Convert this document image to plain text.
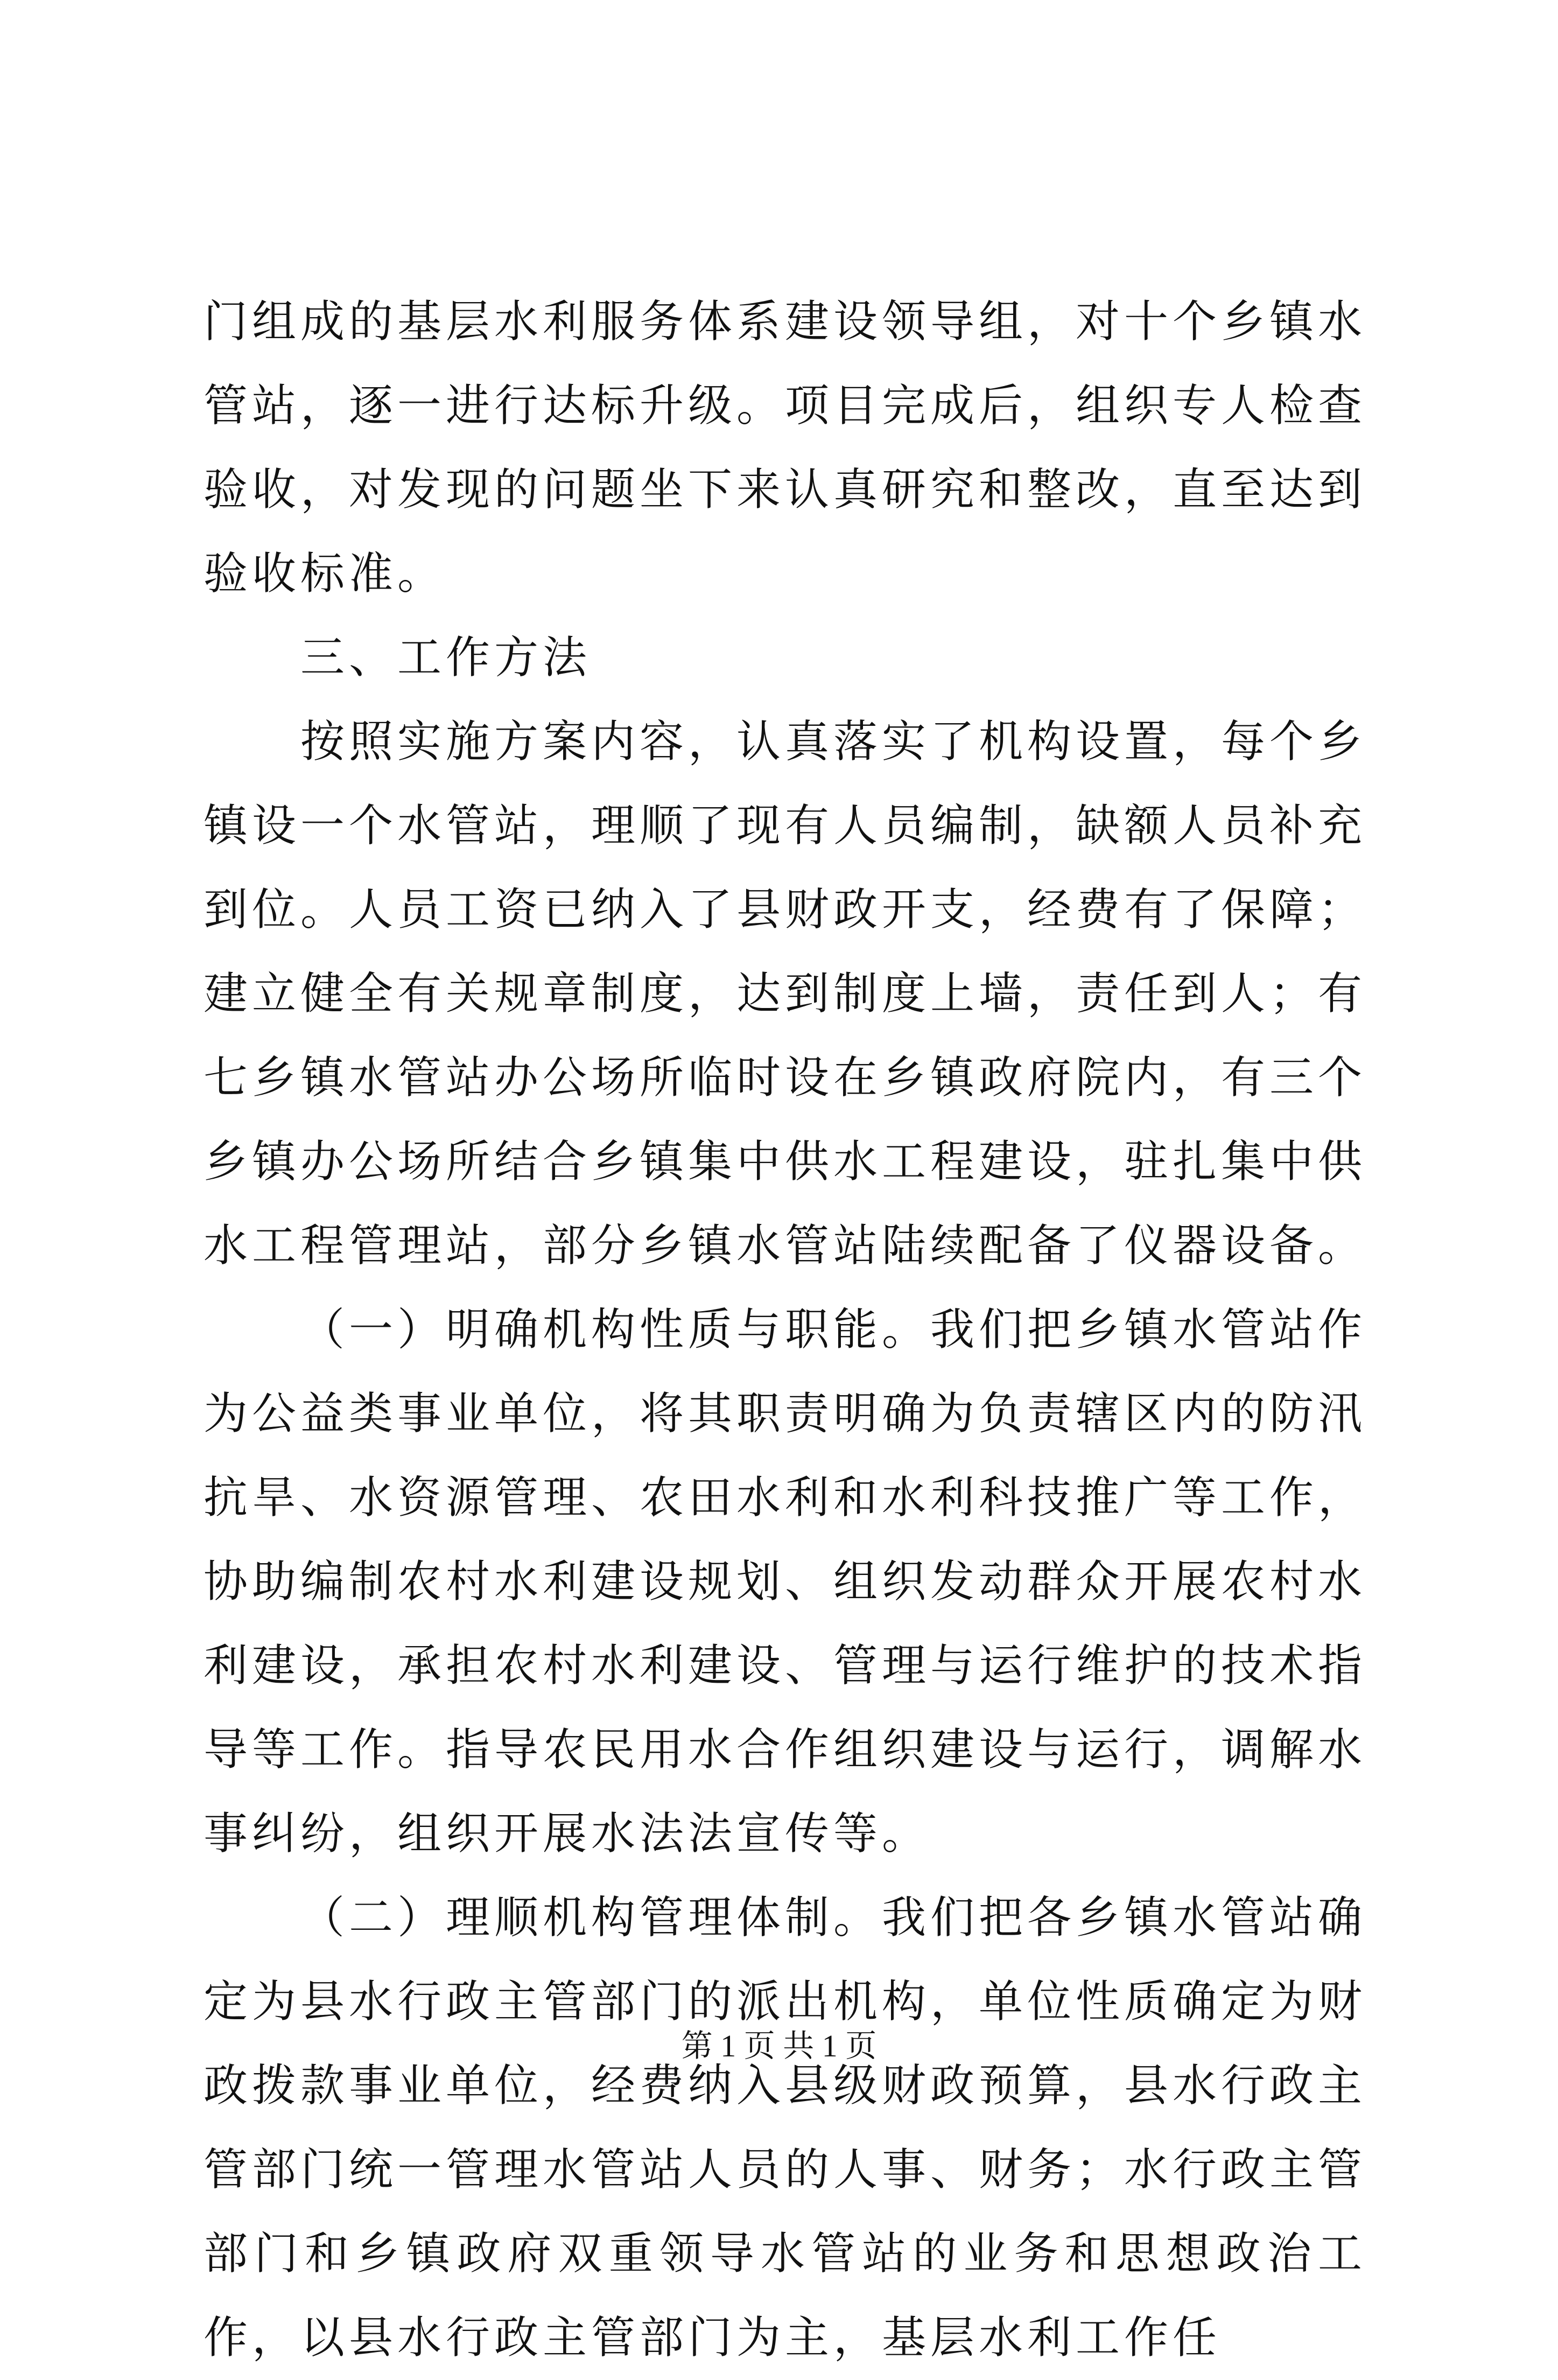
门组成的基层水利服务体系建设领导组，对十个乡镇水管站，逐一进行达标升级。项目完成后，组织专人检查验收，对发现的问题坐下来认真研究和整改，直至达到验收标准。

三、工作方法

按照实施方案内容，认真落实了机构设置，每个乡镇设一个水管站，理顺了现有人员编制，缺额人员补充到位。人员工资已纳入了县财政开支，经费有了保障；建立健全有关规章制度，达到制度上墙，责任到人；有七乡镇水管站办公场所临时设在乡镇政府院内，有三个乡镇办公场所结合乡镇集中供水工程建设，驻扎集中供水工程管理站，部分乡镇水管站陆续配备了仪器设备。

（一）明确机构性质与职能。我们把乡镇水管站作为公益类事业单位，将其职责明确为负责辖区内的防汛抗旱、水资源管理、农田水利和水利科技推广等工作，协助编制农村水利建设规划、组织发动群众开展农村水利建设，承担农村水利建设、管理与运行维护的技术指导等工作。指导农民用水合作组织建设与运行，调解水事纠纷，组织开展水法法宣传等。

（二）理顺机构管理体制。我们把各乡镇水管站确定为县水行政主管部门的派出机构，单位性质确定为财政拨款事业单位，经费纳入县级财政预算，县水行政主管部门统一管理水管站人员的人事、财务；水行政主管部门和乡镇政府双重领导水管站的业务和思想政治工作，以县水行政主管部门为主，基层水利工作任

第 1 页 共 1 页
